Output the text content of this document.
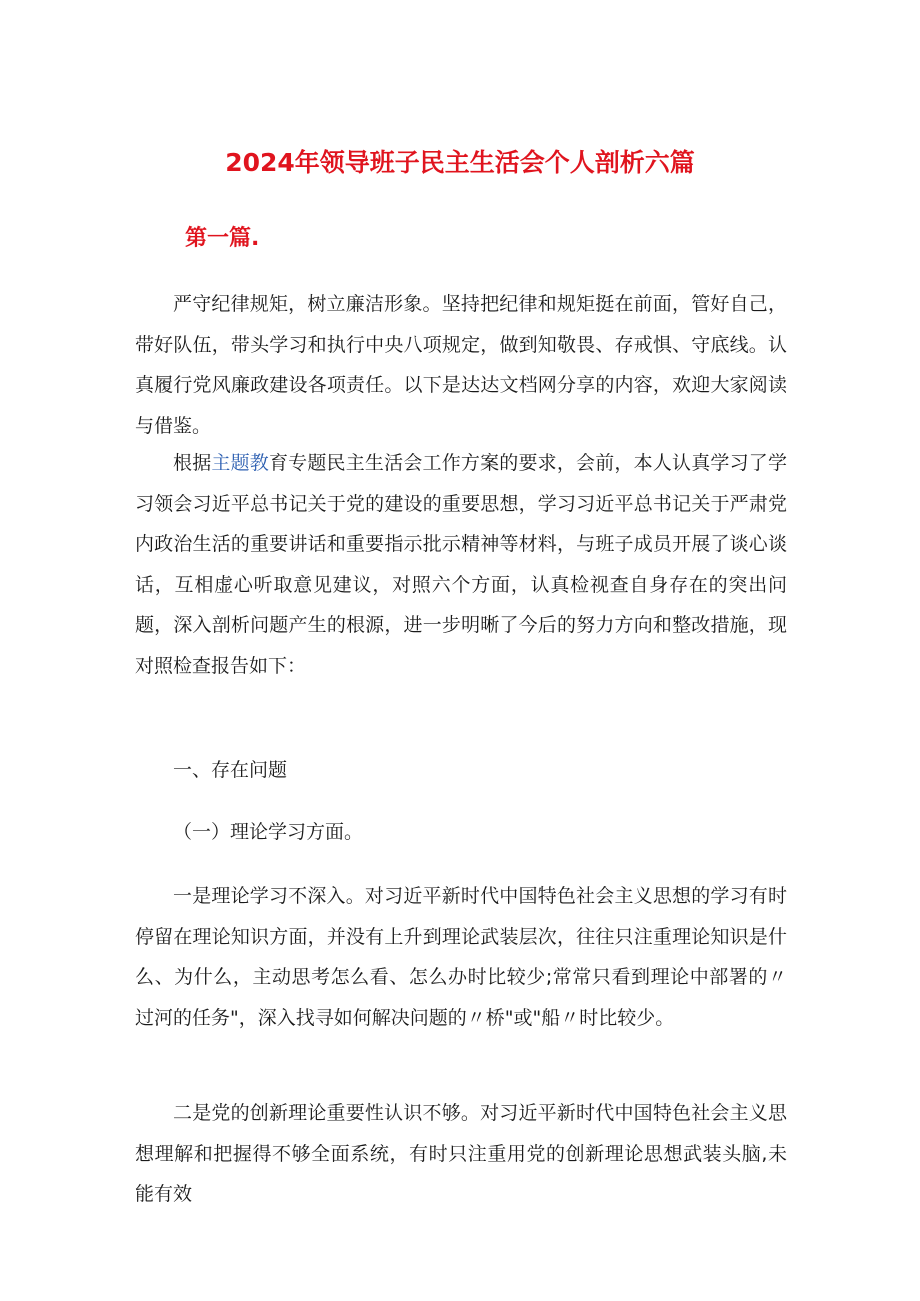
2024年领导班子民主生活会个人剖析六篇
第一篇.

严守纪律规矩，树立廉洁形象。坚持把纪律和规矩挺在前面，管好自己，带好队伍，带头学习和执行中央八项规定，做到知敬畏、存戒惧、守底线。认真履行党风廉政建设各项责任。以下是达达文档网分享的内容，欢迎大家阅读与借鉴。

根据主题教育专题民主生活会工作方案的要求，会前，本人认真学习了学习领会习近平总书记关于党的建设的重要思想，学习习近平总书记关于严肃党内政治生活的重要讲话和重要指示批示精神等材料，与班子成员开展了谈心谈话，互相虚心听取意见建议，对照六个方面，认真检视查自身存在的突出问题，深入剖析问题产生的根源，进一步明晰了今后的努力方向和整改措施，现对照检查报告如下：

一、存在问题

（一）理论学习方面。

一是理论学习不深入。对习近平新时代中国特色社会主义思想的学习有时停留在理论知识方面，并没有上升到理论武装层次，往往只注重理论知识是什么、为什么，主动思考怎么看、怎么办时比较少;常常只看到理论中部署的〃过河的任务"，深入找寻如何解决问题的〃桥"或"船〃时比较少。

二是党的创新理论重要性认识不够。对习近平新时代中国特色社会主义思想理解和把握得不够全面系统，有时只注重用党的创新理论思想武装头脑,未能有效
